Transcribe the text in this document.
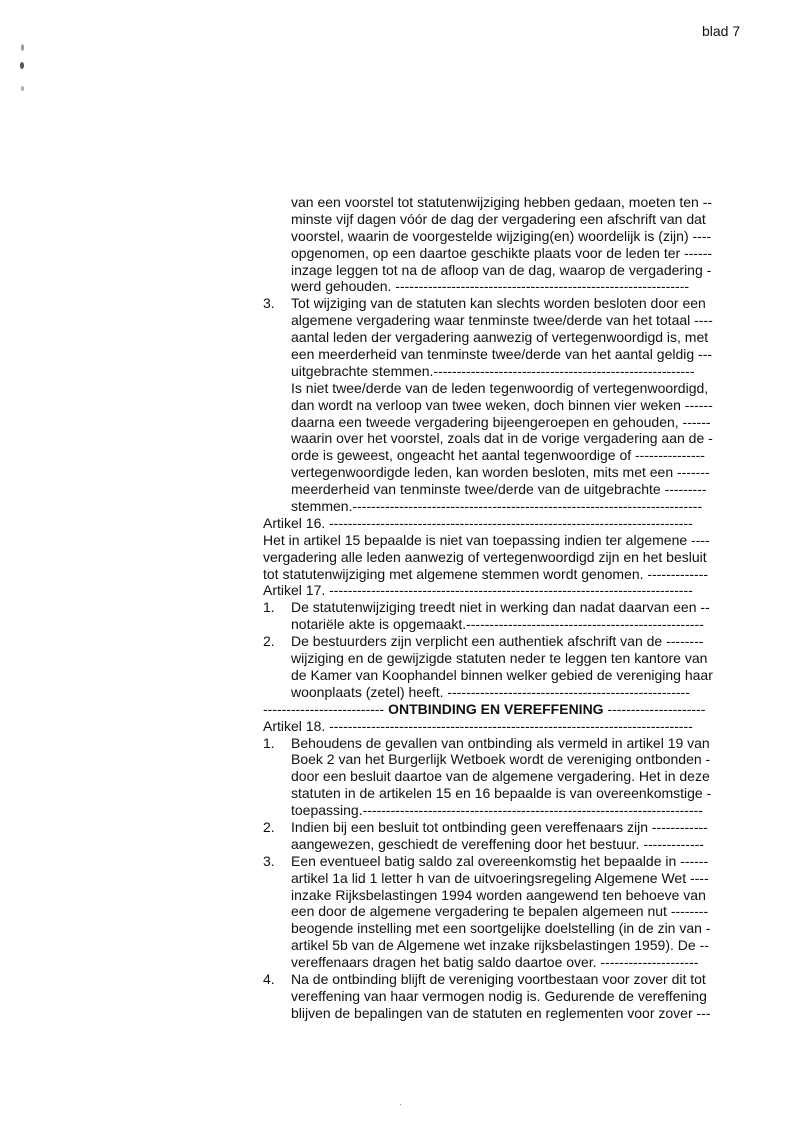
blad 7
van een voorstel tot statutenwijziging hebben gedaan, moeten ten --
minste vijf dagen vóór de dag der vergadering een afschrift van dat
voorstel, waarin de voorgestelde wijziging(en) woordelijk is (zijn) ----
opgenomen, op een daartoe geschikte plaats voor de leden ter ------
inzage leggen tot na de afloop van de dag, waarop de vergadering -
werd gehouden. ---------------------------------------------------------------
3. Tot wijziging van de statuten kan slechts worden besloten door een
algemene vergadering waar tenminste twee/derde van het totaal ----
aantal leden der vergadering aanwezig of vertegenwoordigd is, met
een meerderheid van tenminste twee/derde van het aantal geldig ---
uitgebrachte stemmen.--------------------------------------------------------
Is niet twee/derde van de leden tegenwoordig of vertegenwoordigd,
dan wordt na verloop van twee weken, doch binnen vier weken ------
daarna een tweede vergadering bijeengeroepen en gehouden, ------
waarin over het voorstel, zoals dat in de vorige vergadering aan de -
orde is geweest, ongeacht het aantal tegenwoordige of ---------------
vertegenwoordigde leden, kan worden besloten, mits met een -------
meerderheid van tenminste twee/derde van de uitgebrachte ---------
stemmen.---------------------------------------------------------------------------
Artikel 16. ------------------------------------------------------------------------------
Het in artikel 15 bepaalde is niet van toepassing indien ter algemene ----
vergadering alle leden aanwezig of vertegenwoordigd zijn en het besluit
tot statutenwijziging met algemene stemmen wordt genomen. -------------
Artikel 17. ------------------------------------------------------------------------------
1. De statutenwijziging treedt niet in werking dan nadat daarvan een --
notariële akte is opgemaakt.---------------------------------------------------
2. De bestuurders zijn verplicht een authentiek afschrift van de --------
wijziging en de gewijzigde statuten neder te leggen ten kantore van
de Kamer van Koophandel binnen welker gebied de vereniging haar
woonplaats (zetel) heeft. ----------------------------------------------------
-------------------------- ONTBINDING EN VEREFFENING ---------------------
Artikel 18. ------------------------------------------------------------------------------
1. Behoudens de gevallen van ontbinding als vermeld in artikel 19 van
Boek 2 van het Burgerlijk Wetboek wordt de vereniging ontbonden -
door een besluit daartoe van de algemene vergadering. Het in deze
statuten in de artikelen 15 en 16 bepaalde is van overeenkomstige -
toepassing.-------------------------------------------------------------------------
2. Indien bij een besluit tot ontbinding geen vereffenaars zijn ------------
aangewezen, geschiedt de vereffening door het bestuur. -------------
3. Een eventueel batig saldo zal overeenkomstig het bepaalde in ------
artikel 1a lid 1 letter h van de uitvoeringsregeling Algemene Wet ----
inzake Rijksbelastingen 1994 worden aangewend ten behoeve van
een door de algemene vergadering te bepalen algemeen nut --------
beogende instelling met een soortgelijke doelstelling (in de zin van -
artikel 5b van de Algemene wet inzake rijksbelastingen 1959). De --
vereffenaars dragen het batig saldo daartoe over. ---------------------
4. Na de ontbinding blijft de vereniging voortbestaan voor zover dit tot
vereffening van haar vermogen nodig is. Gedurende de vereffening
blijven de bepalingen van de statuten en reglementen voor zover ---
